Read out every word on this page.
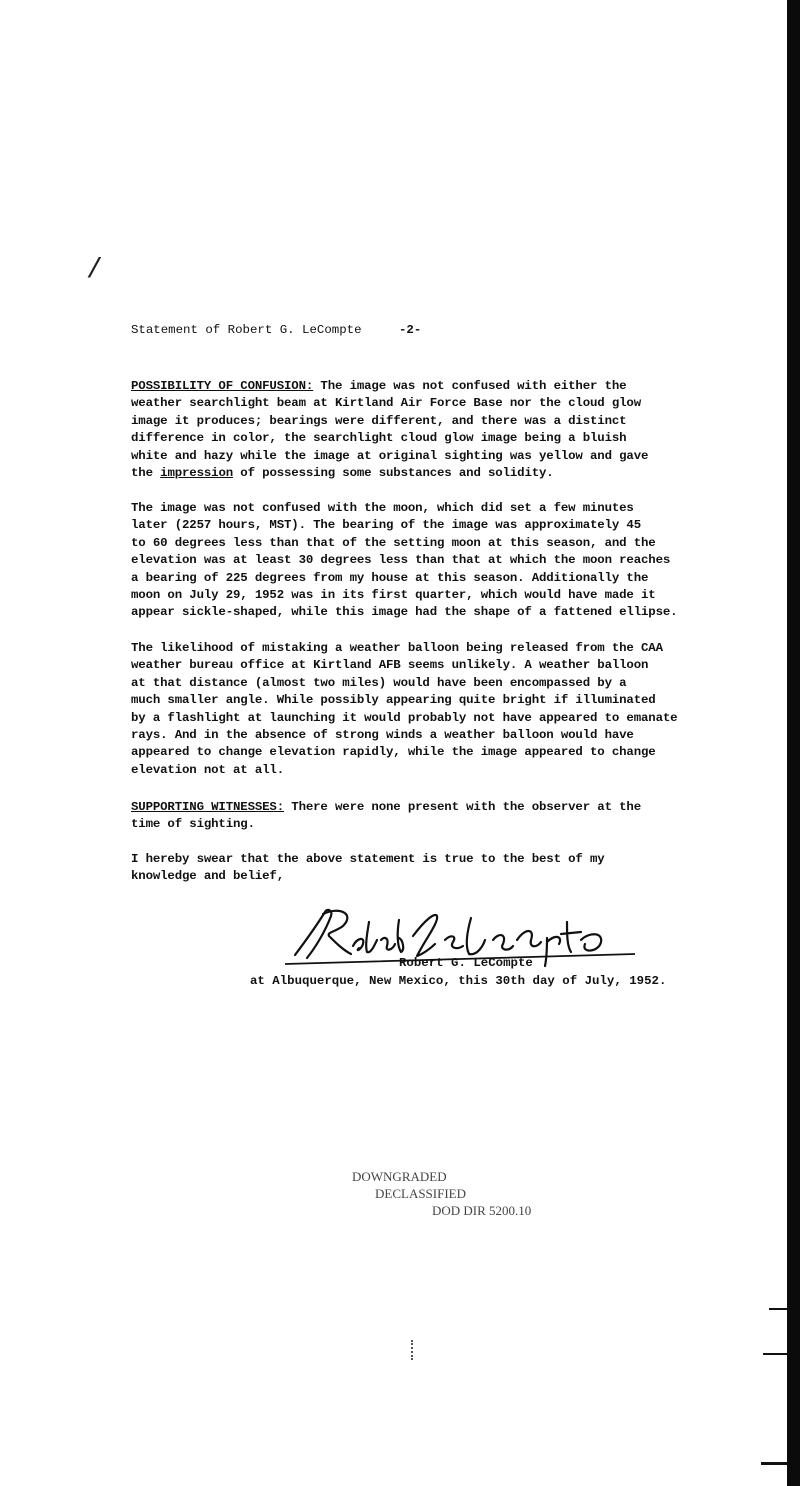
/
Statement of Robert G. LeCompte	-2-

POSSIBILITY OF CONFUSION: The image was not confused with either the
weather searchlight beam at Kirtland Air Force Base nor the cloud glow
image it produces; bearings were different, and there was a distinct
difference in color, the searchlight cloud glow image being a bluish
white and hazy while the image at original sighting was yellow and gave
the impression of possessing some substances and solidity.

The image was not confused with the moon, which did set a few minutes
later (2257 hours, MST). The bearing of the image was approximately 45
to 60 degrees less than that of the setting moon at this season, and the
elevation was at least 30 degrees less than that at which the moon reaches
a bearing of 225 degrees from my house at this season. Additionally the
moon on July 29, 1952 was in its first quarter, which would have made it
appear sickle-shaped, while this image had the shape of a fattened ellipse.

The likelihood of mistaking a weather balloon being released from the CAA
weather bureau office at Kirtland AFB seems unlikely. A weather balloon
at that distance (almost two miles) would have been encompassed by a
much smaller angle. While possibly appearing quite bright if illuminated
by a flashlight at launching it would probably not have appeared to emanate
rays. And in the absence of strong winds a weather balloon would have
appeared to change elevation rapidly, while the image appeared to change
elevation not at all.

SUPPORTING WITNESSES: There were none present with the observer at the
time of sighting.

I hereby swear that the above statement is true to the best of my
knowledge and belief,

Robert G. LeCompte
at Albuquerque, New Mexico, this 30th day of July, 1952.
DOWNGRADED
DECLASSIFIED
DOD DIR 5200.10
